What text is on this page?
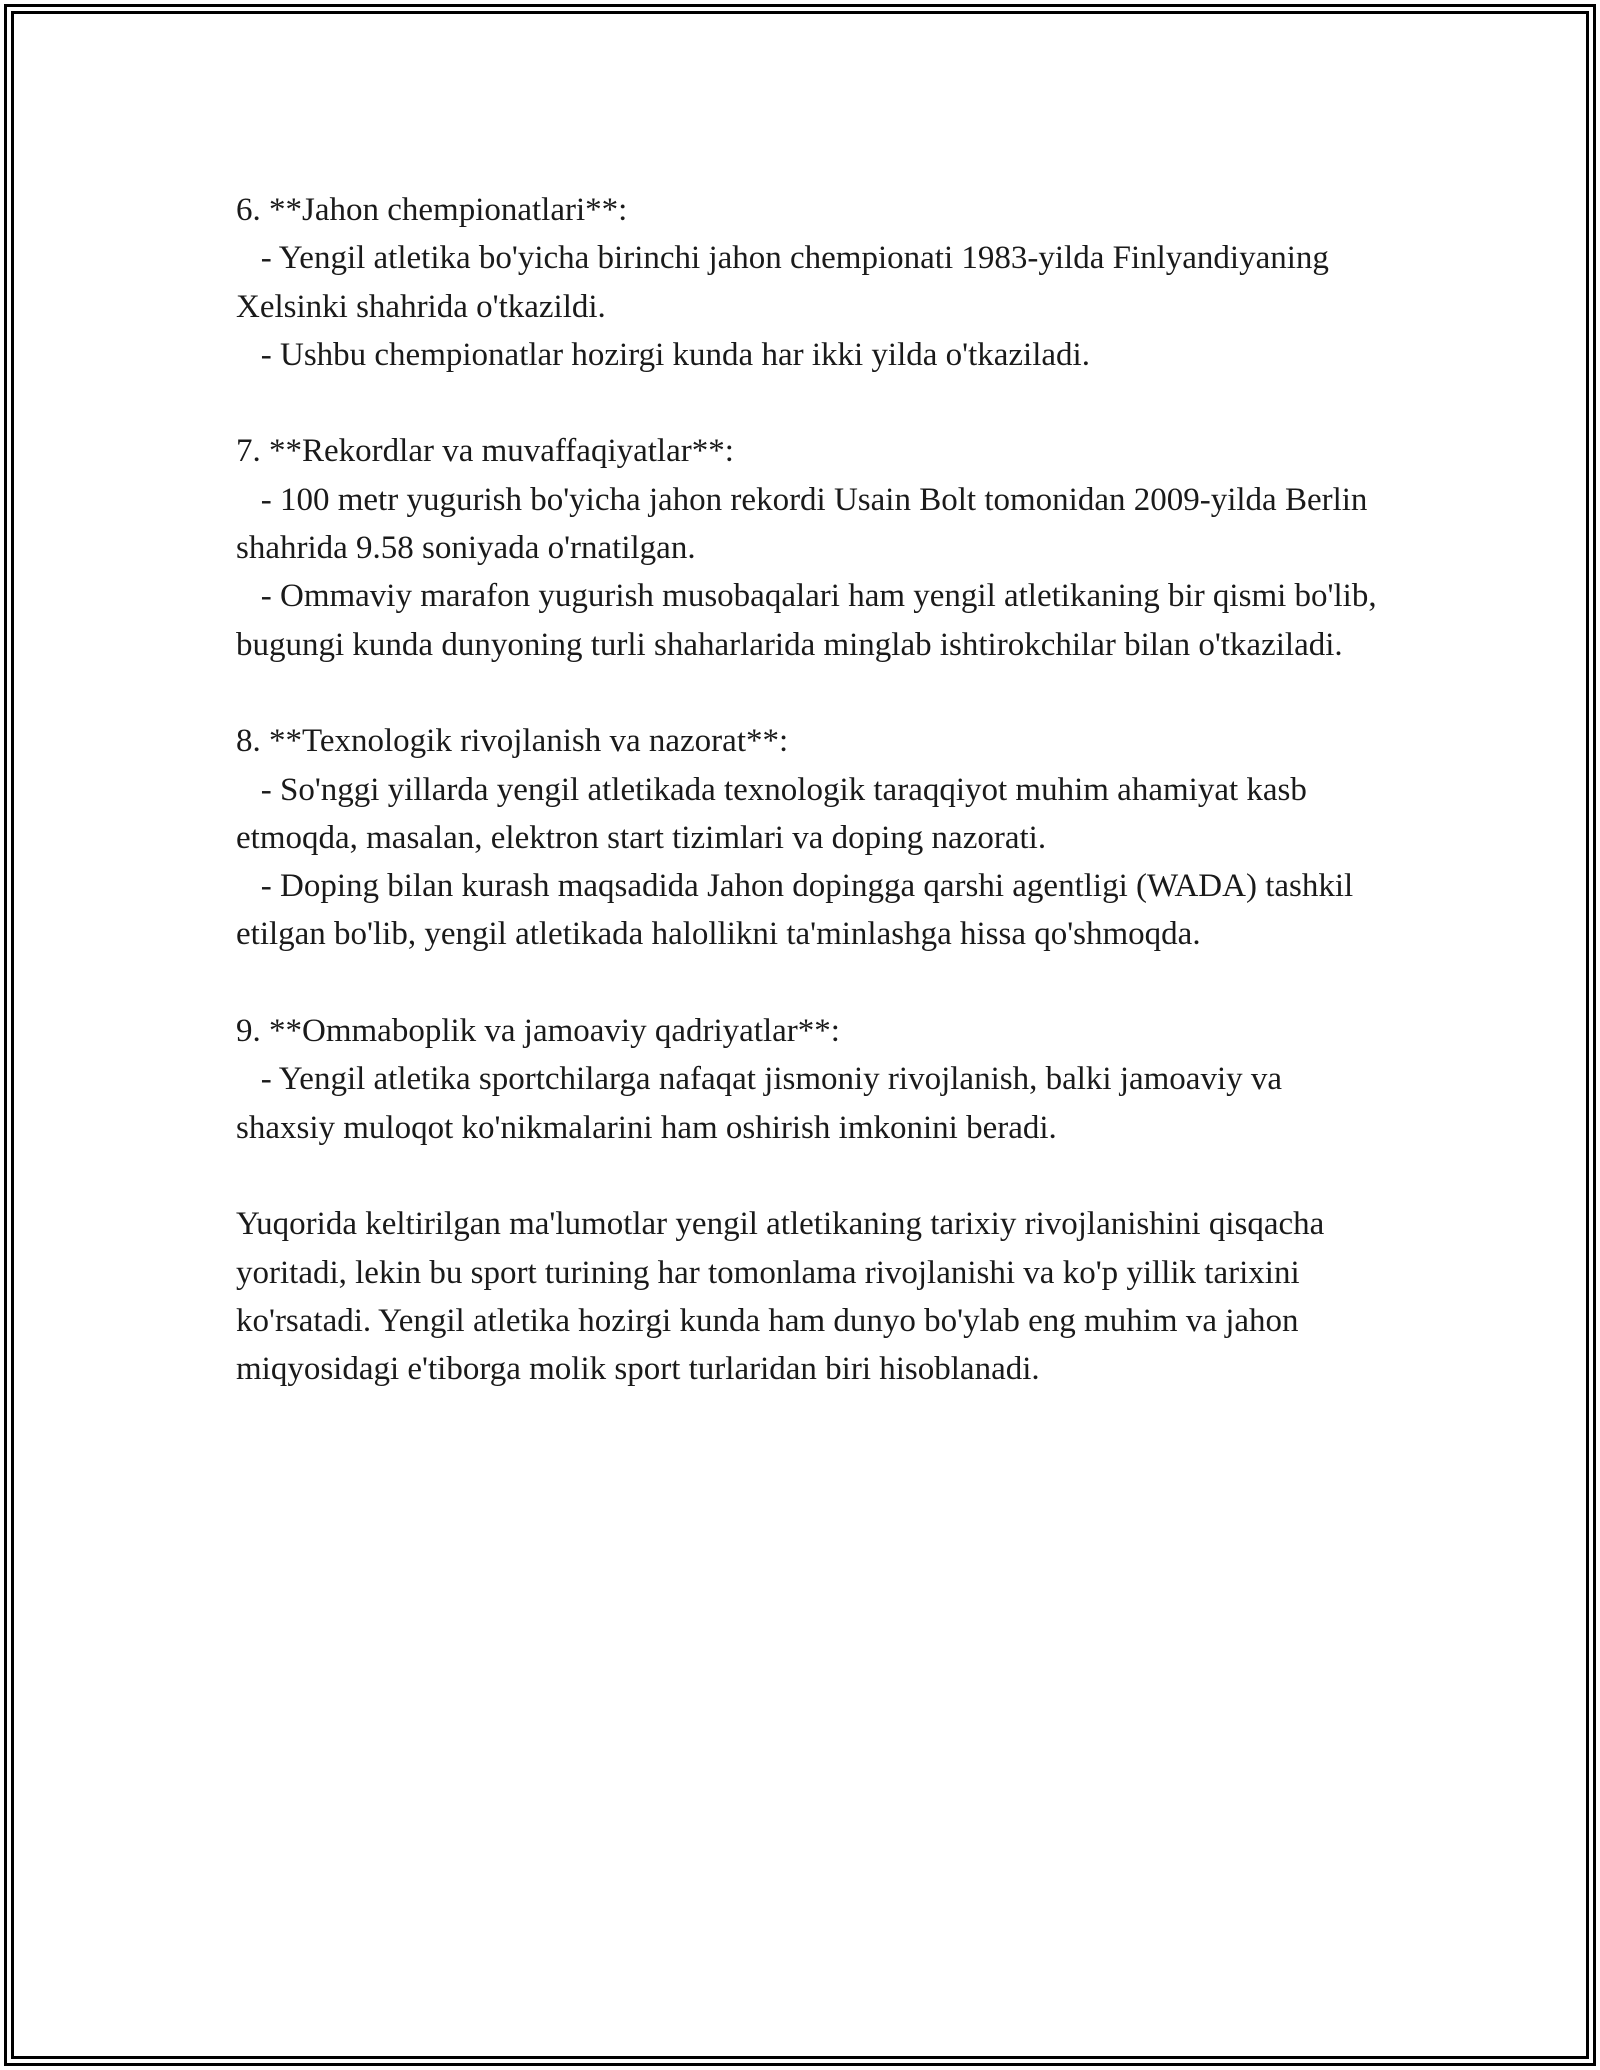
6. **Jahon chempionatlari**:
- Yengil atletika bo'yicha birinchi jahon chempionati 1983-yilda Finlyandiyaning Xelsinki shahrida o'tkazildi.
- Ushbu chempionatlar hozirgi kunda har ikki yilda o'tkaziladi.
7. **Rekordlar va muvaffaqiyatlar**:
- 100 metr yugurish bo'yicha jahon rekordi Usain Bolt tomonidan 2009-yilda Berlin shahrida 9.58 soniyada o'rnatilgan.
- Ommaviy marafon yugurish musobaqalari ham yengil atletikaning bir qismi bo'lib, bugungi kunda dunyoning turli shaharlarida minglab ishtirokchilar bilan o'tkaziladi.
8. **Texnologik rivojlanish va nazorat**:
- So'nggi yillarda yengil atletikada texnologik taraqqiyot muhim ahamiyat kasb etmoqda, masalan, elektron start tizimlari va doping nazorati.
- Doping bilan kurash maqsadida Jahon dopingga qarshi agentligi (WADA) tashkil etilgan bo'lib, yengil atletikada halollikni ta'minlashga hissa qo'shmoqda.
9. **Ommaboplik va jamoaviy qadriyatlar**:
- Yengil atletika sportchilarga nafaqat jismoniy rivojlanish, balki jamoaviy va shaxsiy muloqot ko'nikmalarini ham oshirish imkonini beradi.

Yuqorida keltirilgan ma'lumotlar yengil atletikaning tarixiy rivojlanishini qisqacha yoritadi, lekin bu sport turining har tomonlama rivojlanishi va ko'p yillik tarixini ko'rsatadi. Yengil atletika hozirgi kunda ham dunyo bo'ylab eng muhim va jahon miqyosidagi e'tiborga molik sport turlaridan biri hisoblanadi.
